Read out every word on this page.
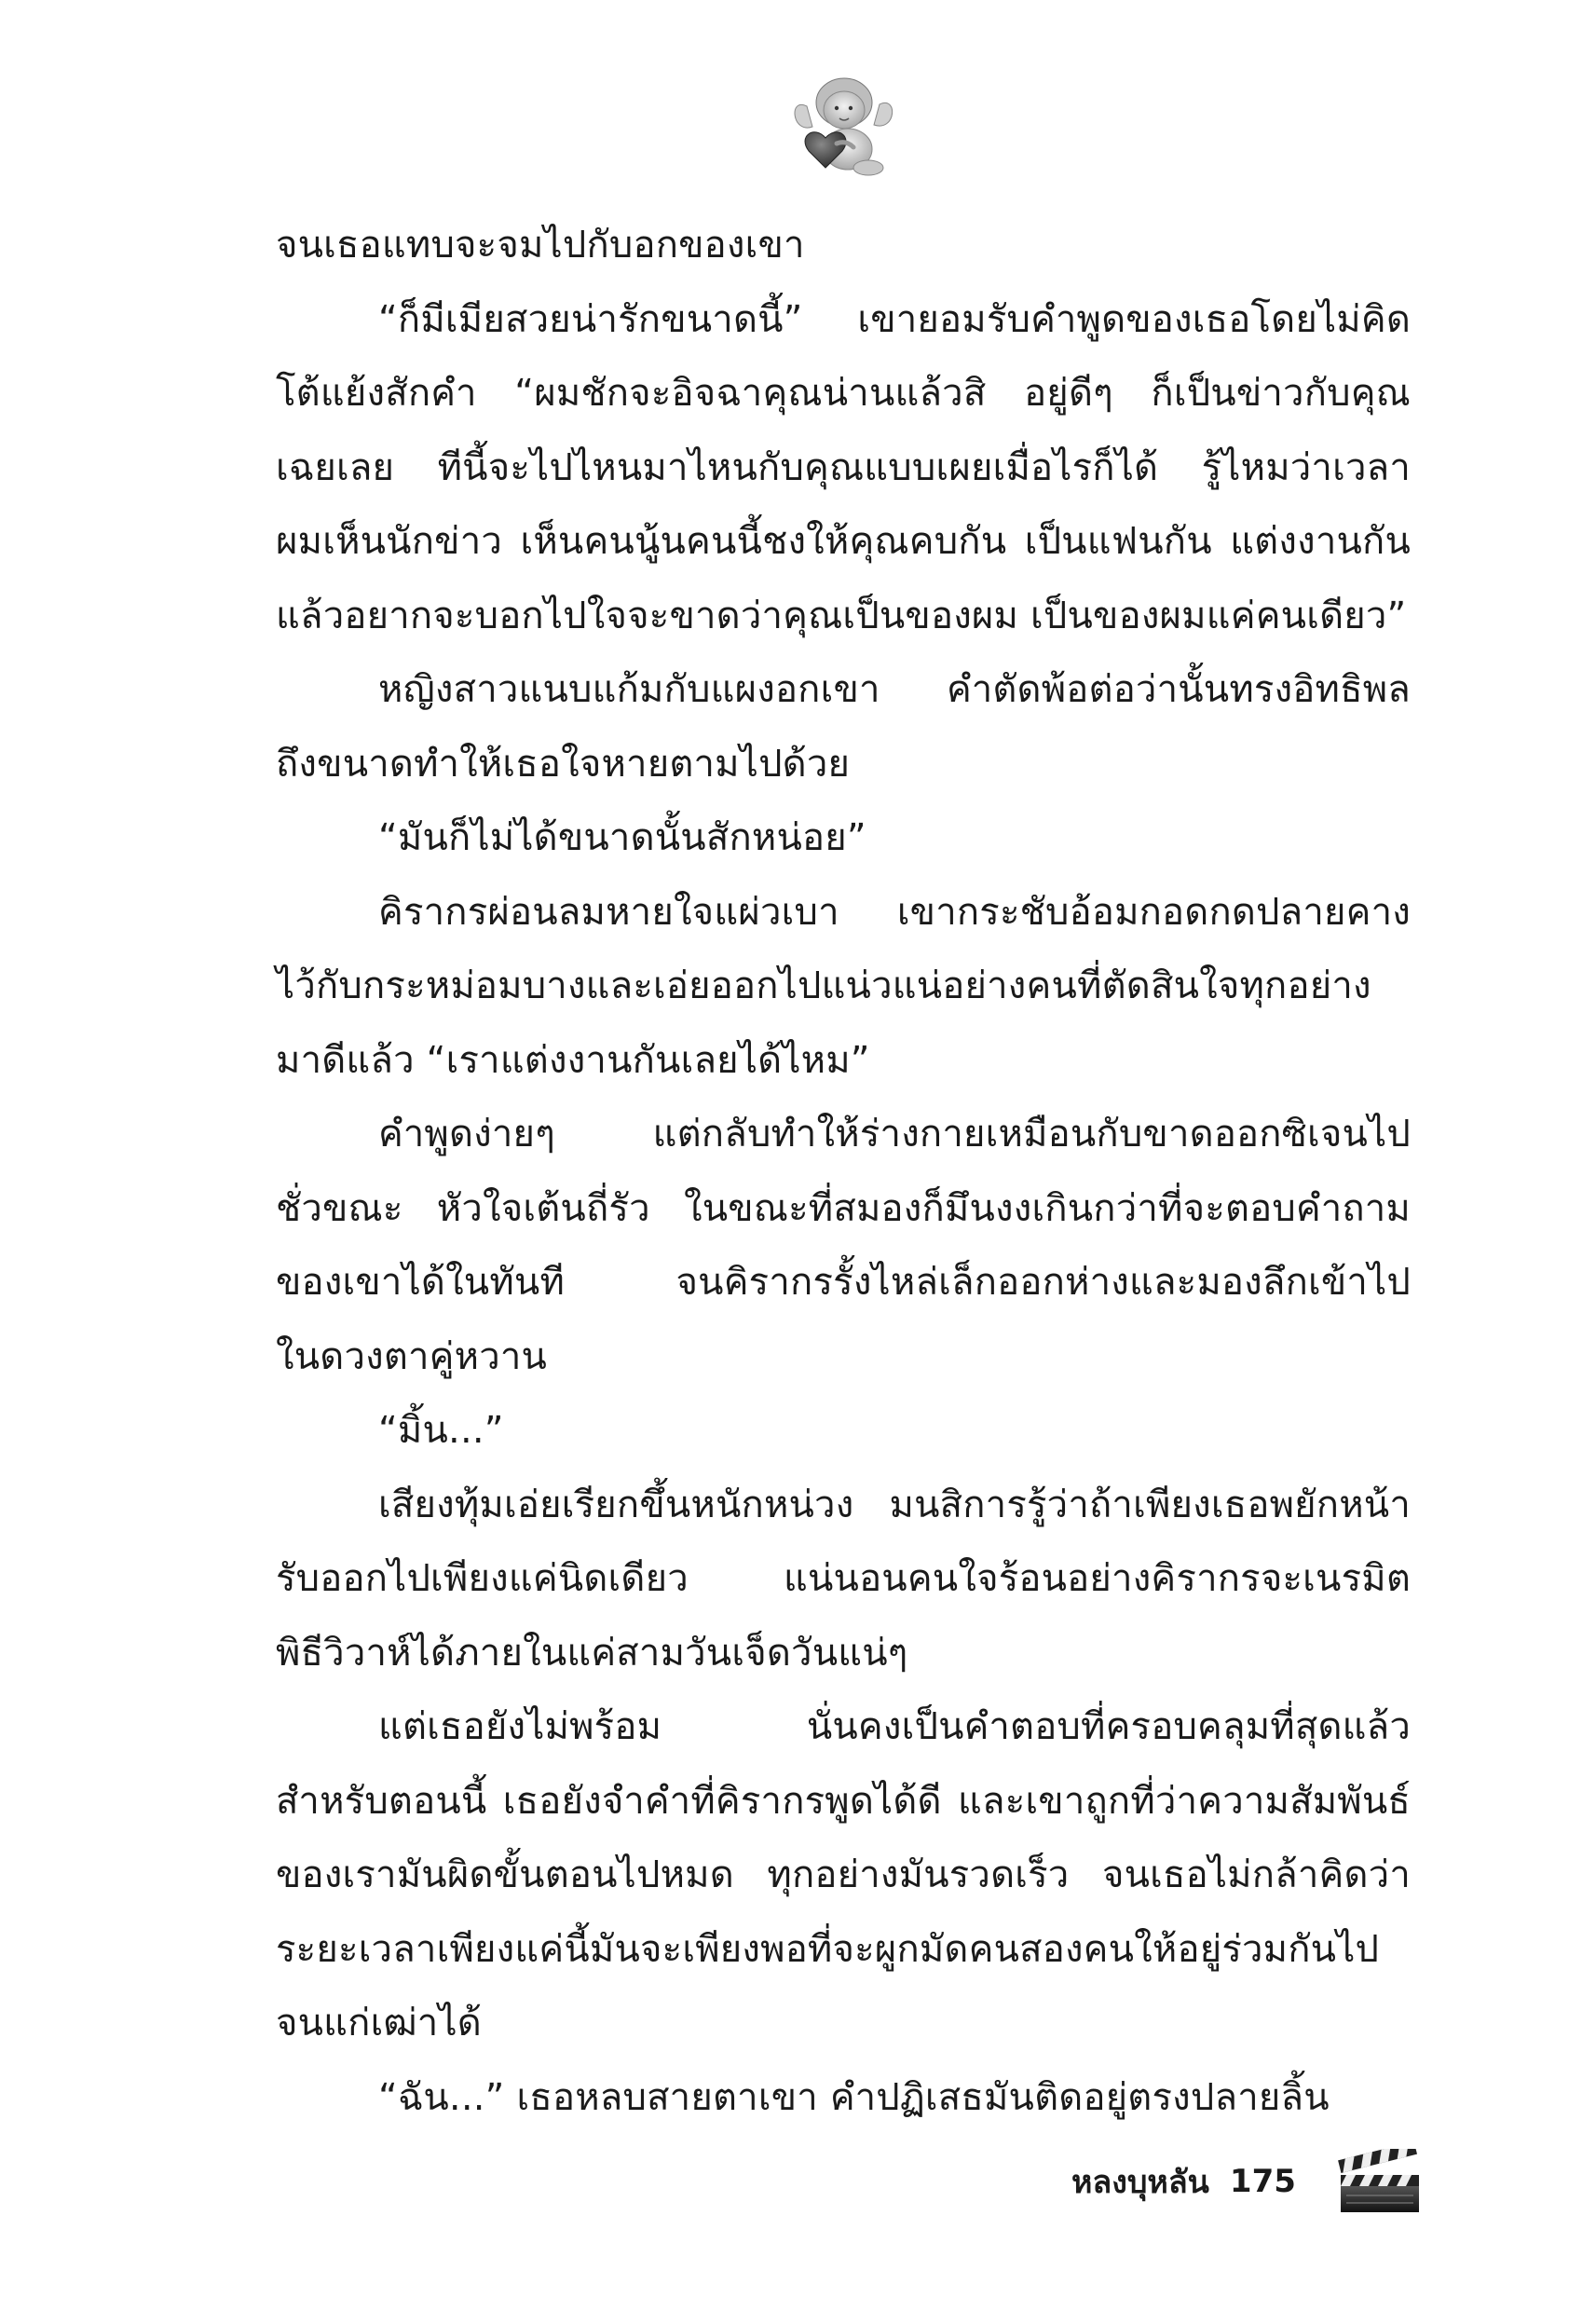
จนเธอแทบจะจมไปกับอกของเขา
“ก็มีเมียสวยน่ารักขนาดนี้” เขายอมรับคำพูดของเธอโดยไม่คิด
โต้แย้งสักคำ “ผมชักจะอิจฉาคุณน่านแล้วสิ อยู่ดีๆ ก็เป็นข่าวกับคุณ
เฉยเลย ทีนี้จะไปไหนมาไหนกับคุณแบบเผยเมื่อไรก็ได้ รู้ไหมว่าเวลา
ผมเห็นนักข่าว เห็นคนนู้นคนนี้ชงให้คุณคบกัน เป็นแฟนกัน แต่งงานกัน
แล้วอยากจะบอกไปใจจะขาดว่าคุณเป็นของผม เป็นของผมแค่คนเดียว”
หญิงสาวแนบแก้มกับแผงอกเขา คำตัดพ้อต่อว่านั้นทรงอิทธิพล
ถึงขนาดทำให้เธอใจหายตามไปด้วย
“มันก็ไม่ได้ขนาดนั้นสักหน่อย”
คิรากรผ่อนลมหายใจแผ่วเบา เขากระชับอ้อมกอดกดปลายคาง
ไว้กับกระหม่อมบางและเอ่ยออกไปแน่วแน่อย่างคนที่ตัดสินใจทุกอย่าง
มาดีแล้ว “เราแต่งงานกันเลยได้ไหม”
คำพูดง่ายๆ แต่กลับทำให้ร่างกายเหมือนกับขาดออกซิเจนไป
ชั่วขณะ หัวใจเต้นถี่รัว ในขณะที่สมองก็มึนงงเกินกว่าที่จะตอบคำถาม
ของเขาได้ในทันที จนคิรากรรั้งไหล่เล็กออกห่างและมองลึกเข้าไป
ในดวงตาคู่หวาน
“มิ้น...”
เสียงทุ้มเอ่ยเรียกขึ้นหนักหน่วง มนสิการรู้ว่าถ้าเพียงเธอพยักหน้า
รับออกไปเพียงแค่นิดเดียว แน่นอนคนใจร้อนอย่างคิรากรจะเนรมิต
พิธีวิวาห์ได้ภายในแค่สามวันเจ็ดวันแน่ๆ
แต่เธอยังไม่พร้อม นั่นคงเป็นคำตอบที่ครอบคลุมที่สุดแล้ว
สำหรับตอนนี้ เธอยังจำคำที่คิรากรพูดได้ดี และเขาถูกที่ว่าความสัมพันธ์
ของเรามันผิดขั้นตอนไปหมด ทุกอย่างมันรวดเร็ว จนเธอไม่กล้าคิดว่า
ระยะเวลาเพียงแค่นี้มันจะเพียงพอที่จะผูกมัดคนสองคนให้อยู่ร่วมกันไป
จนแก่เฒ่าได้
“ฉัน...” เธอหลบสายตาเขา คำปฏิเสธมันติดอยู่ตรงปลายลิ้น
หลงบุหลัน 175
